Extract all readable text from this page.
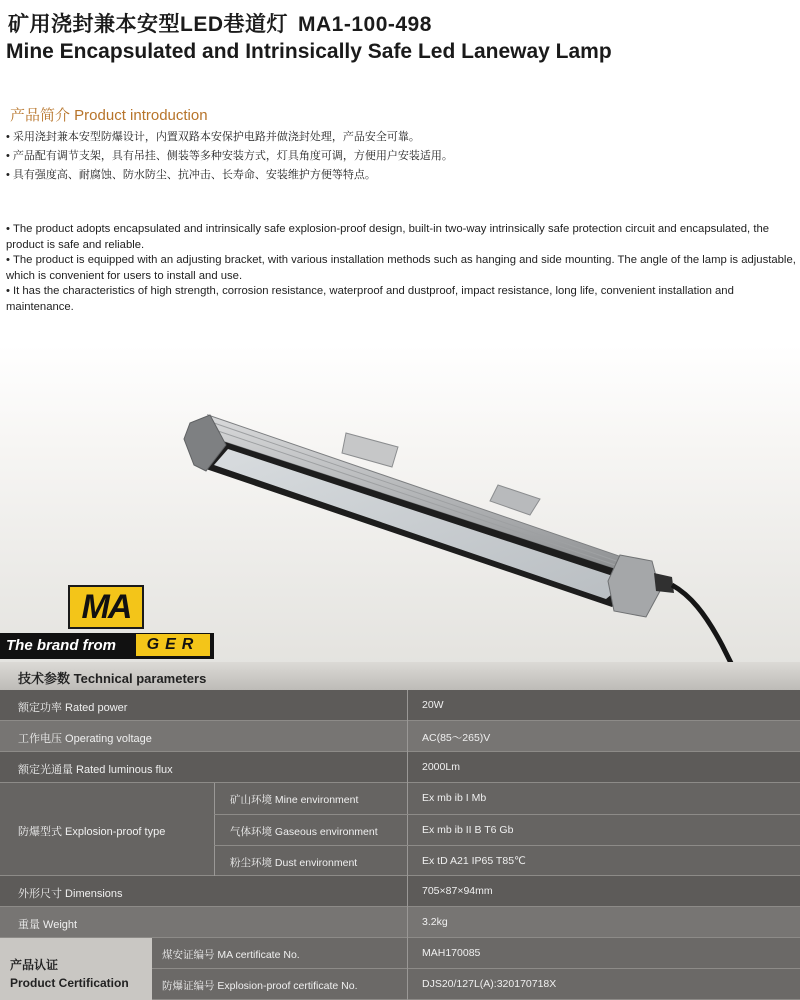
矿用浇封兼本安型LED巷道灯 MA1-100-498
Mine Encapsulated and Intrinsically Safe Led Laneway Lamp
产品简介 Product introduction
• 采用浇封兼本安型防爆设计，内置双路本安保护电路并做浇封处理，产品安全可靠。
• 产品配有调节支架，具有吊挂、侧装等多种安装方式，灯具角度可调，方便用户安装适用。
• 具有强度高、耐腐蚀、防水防尘、抗冲击、长寿命、安装维护方便等特点。
• The product adopts encapsulated and intrinsically safe explosion-proof design, built-in two-way intrinsically safe protection circuit and encapsulated, the product is safe and reliable.
• The product is equipped with an adjusting bracket, with various installation methods such as hanging and side mounting. The angle of the lamp is adjustable, which is convenient for users to install and use.
• It has the characteristics of high strength, corrosion resistance, waterproof and dustproof, impact resistance, long life, convenient installation and maintenance.
MA
The brand from	GER
技术参数 Technical parameters
额定功率 Rated power	20W
工作电压 Operating voltage	AC(85～265)V
额定光通量 Rated luminous flux	2000Lm
防爆型式 Explosion-proof type
矿山环境 Mine environment	Ex mb ib I Mb
气体环境 Gaseous environment	Ex mb ib II B T6 Gb
粉尘环境 Dust environment	Ex tD A21 IP65 T85℃
外形尺寸 Dimensions	705×87×94mm
重量 Weight	3.2kg
产品认证
Product Certification
煤安证编号 MA certificate No.	MAH170085
防爆证编号 Explosion-proof certificate No.	DJS20/127L(A):320170718X
